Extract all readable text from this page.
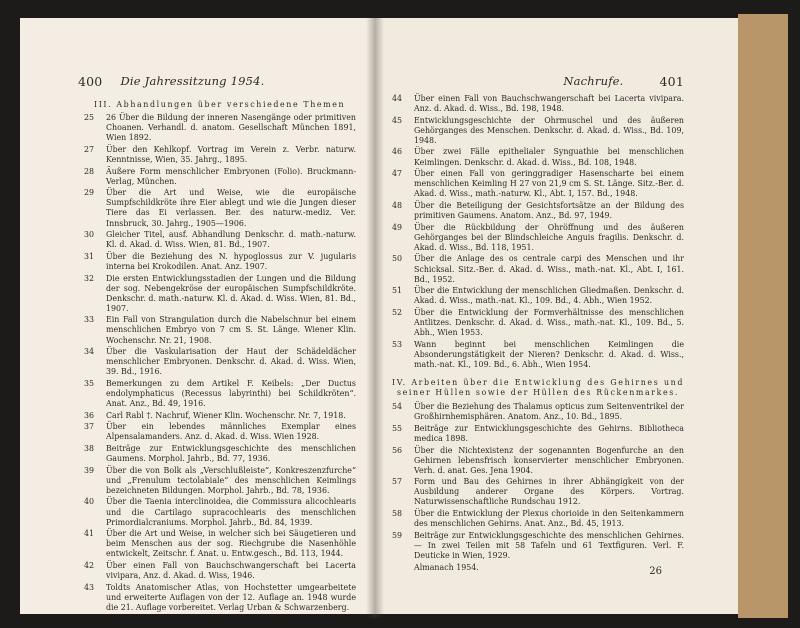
400 Die Jahressitzung 1954.
III. Abhandlungen über verschiedene Themen
25	26 Über die Bildung der inneren Nasengänge oder primitiven Choanen. Verhandl. d. anatom. Gesellschaft München 1891, Wien 1892.
27	Über den Kehlkopf. Vortrag im Verein z. Verbr. naturw. Kenntnisse, Wien, 35. Jahrg., 1895.
28	Äußere Form menschlicher Embryonen (Folio). Bruckmann-Verlag, München.
29	Über die Art und Weise, wie die europäische Sumpfschildkröte ihre Eier ablegt und wie die Jungen dieser Tiere das Ei verlassen. Ber. des naturw.-mediz. Ver. Innsbruck, 30. Jahrg., 1905—1906.
30	Gleicher Titel, ausf. Abhandlung Denkschr. d. math.-naturw. Kl. d. Akad. d. Wiss. Wien, 81. Bd., 1907.
31	Über die Beziehung des N. hypoglossus zur V. jugularis interna bei Krokodilen. Anat. Anz. 1907.
32	Die ersten Entwicklungsstadien der Lungen und die Bildung der sog. Nebengekröse der europäischen Sumpfschildkröte. Denkschr. d. math.-naturw. Kl. d. Akad. d. Wiss. Wien, 81. Bd., 1907.
33	Ein Fall von Strangulation durch die Nabelschnur bei einem menschlichen Embryo von 7 cm S. St. Länge. Wiener Klin. Wochenschr. Nr. 21, 1908.
34	Über die Vaskularisation der Haut der Schädeldächer menschlicher Embryonen. Denkschr. d. Akad. d. Wiss. Wien, 39. Bd., 1916.
35	Bemerkungen zu dem Artikel F. Keibels: „Der Ductus endolymphaticus (Recessus labyrinthi) bei Schildkröten“. Anat. Anz., Bd. 49, 1916.
36	Carl Rabl †. Nachruf, Wiener Klin. Wochenschr. Nr. 7, 1918.
37	Über ein lebendes männliches Exemplar eines Alpensalamanders. Anz. d. Akad. d. Wiss. Wien 1928.
38	Beiträge zur Entwicklungsgeschichte des menschlichen Gaumens. Morphol. Jahrb., Bd. 77, 1936.
39	Über die von Bolk als „Verschlußleiste“, Konkreszenzfurche“ und „Frenulum tectolabiale“ des menschlichen Keimlings bezeichneten Bildungen. Morphol. Jahrb., Bd. 78, 1936.
40	Über die Taenia interclinoidea, die Commissura alicochlearis und die Cartilago supracochlearis des menschlichen Primordialcraniums. Morphol. Jahrb., Bd. 84, 1939.
41	Über die Art und Weise, in welcher sich bei Säugetieren und beim Menschen aus der sog. Riechgrube die Nasenhöhle entwickelt, Zeitschr. f. Anat. u. Entw.gesch., Bd. 113, 1944.
42	Über einen Fall von Bauchschwangerschaft bei Lacerta vivipara, Anz. d. Akad. d. Wiss, 1946.
43	Toldts Anatomischer Atlas, von Hochstetter umgearbeitete und erweiterte Auflagen von der 12. Auflage an. 1948 wurde die 21. Auflage vorbereitet. Verlag Urban & Schwarzenberg.
Nachrufe.	401
44	Über einen Fall von Bauchschwangerschaft bei Lacerta vivipara. Anz. d. Akad. d. Wiss., Bd. 198, 1948.
45	Entwicklungsgeschichte der Ohrmuschel und des äußeren Gehörganges des Menschen. Denkschr. d. Akad. d. Wiss., Bd. 109, 1948.
46	Über zwei Fälle epithelialer Synguathie bei menschlichen Keimlingen. Denkschr. d. Akad. d. Wiss., Bd. 108, 1948.
47	Über einen Fall von geringgradiger Hasenscharte bei einem menschlichen Keimling H 27 von 21,9 cm S. St. Länge. Sitz.-Ber. d. Akad. d. Wiss., math.-naturw. Kl., Abt. I, 157. Bd., 1948.
48	Über die Beteiligung der Gesichtsfortsätze an der Bildung des primitiven Gaumens. Anatom. Anz., Bd. 97, 1949.
49	Über die Rückbildung der Ohröffnung und des äußeren Gehörganges bei der Blindschleiche Anguis fragilis. Denkschr. d. Akad. d. Wiss., Bd. 118, 1951.
50	Über die Anlage des os centrale carpi des Menschen und ihr Schicksal. Sitz.-Ber. d. Akad. d. Wiss., math.-nat. Kl., Abt. I, 161. Bd., 1952.
51	Über die Entwicklung der menschlichen Gliedmaßen. Denkschr. d. Akad. d. Wiss., math.-nat. Kl., 109. Bd., 4. Abh., Wien 1952.
52	Über die Entwicklung der Formverhältnisse des menschlichen Antlitzes. Denkschr. d. Akad. d. Wiss., math.-nat. Kl., 109. Bd., 5. Abh., Wien 1953.
53	Wann beginnt bei menschlichen Keimlingen die Absonderungstätigkeit der Nieren? Denkschr. d. Akad. d. Wiss., math.-nat. Kl., 109. Bd., 6. Abh., Wien 1954.
IV. Arbeiten über die Entwicklung des Gehirnes und seiner Hüllen sowie der Hüllen des Rückenmarkes.
54	Über die Beziehung des Thalamus opticus zum Seitenventrikel der Großhirnhemisphären. Anatom. Anz., 10. Bd., 1895.
55	Beiträge zur Entwicklungsgeschichte des Gehirns. Bibliotheca medica 1898.
56	Über die Nichtexistenz der sogenannten Bogenfurche an den Gehirnen lebensfrisch konservierter menschlicher Embryonen. Verh. d. anat. Ges. Jena 1904.
57	Form und Bau des Gehirnes in ihrer Abhängigkeit von der Ausbildung anderer Organe des Körpers. Vortrag. Naturwissenschaftliche Rundschau 1912.
58	Über die Entwicklung der Plexus chorioide in den Seitenkammern des menschlichen Gehirns. Anat. Anz., Bd. 45, 1913.
59	Beiträge zur Entwicklungsgeschichte des menschlichen Gehirnes. — In zwei Teilen mit 58 Tafeln und 61 Textfiguren. Verl. F. Deuticke in Wien, 1929.
Almanach 1954.	26
